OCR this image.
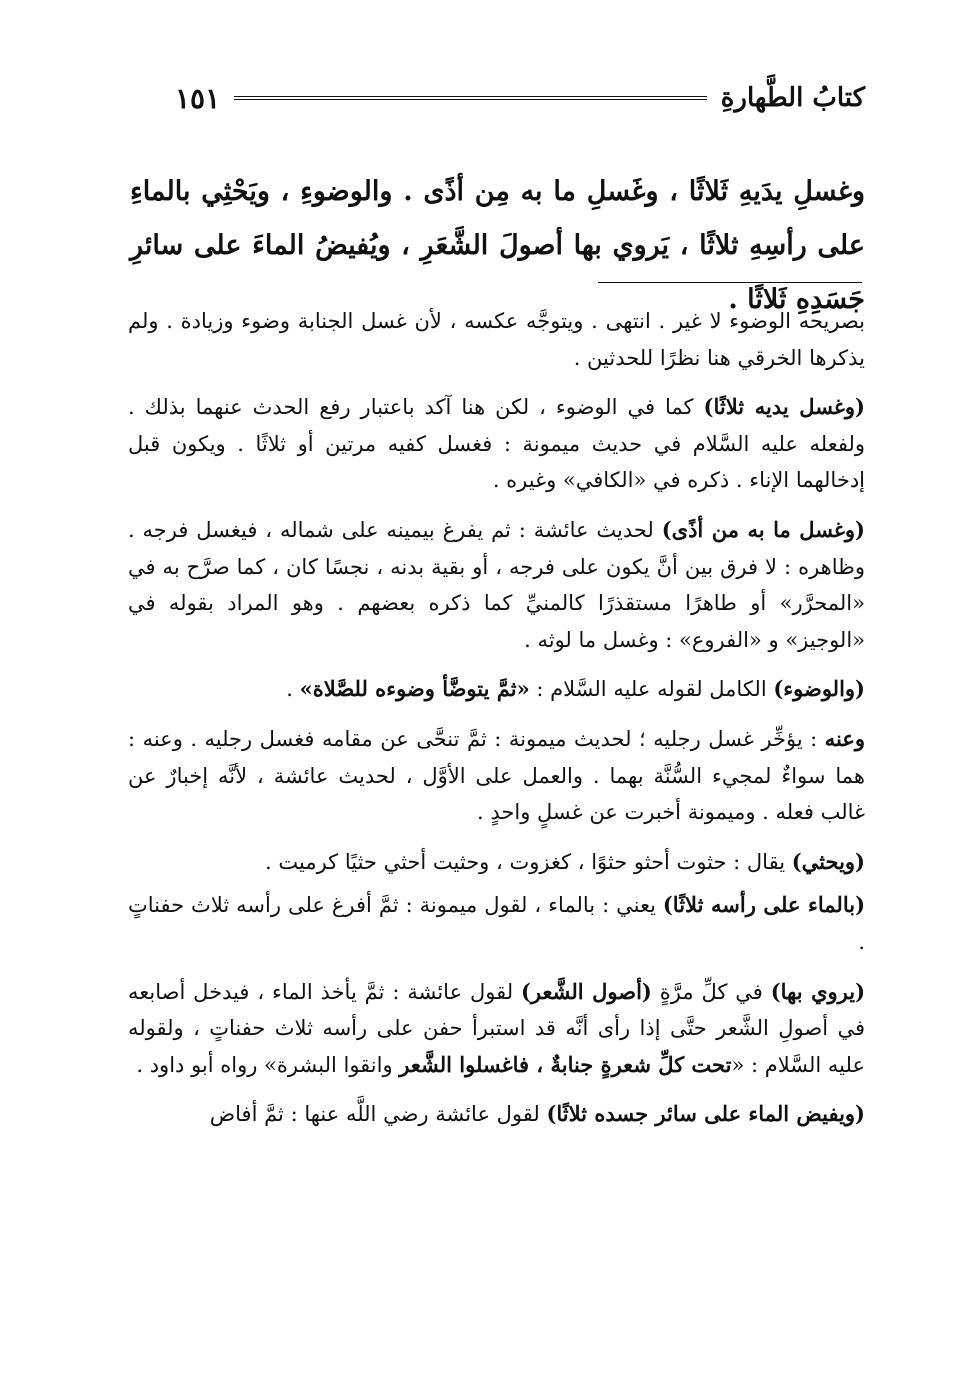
كتابُ الطَّهارةِ
١٥١

وغسلِ يدَيهِ ثَلاثًا ، وغَسلِ ما به مِن أذًى . والوضوءِ ، ويَحْثِي بالماءِ على رأسِهِ ثلاثًا ، يَروي بها أصولَ الشَّعَرِ ، ويُفيضُ الماءَ على سائرِ جَسَدِهِ ثَلاثًا .

بصريحه الوضوء لا غير . انتهى . ويتوجَّه عكسه ، لأن غسل الجنابة وضوء وزيادة . ولم يذكرها الخرقي هنا نظرًا للحدثين .

(وغسل يديه ثلاثًا) كما في الوضوء ، لكن هنا آكد باعتبار رفع الحدث عنهما بذلك . ولفعله عليه السَّلام في حديث ميمونة : فغسل كفيه مرتين أو ثلاثًا . ويكون قبل إدخالهما الإناء . ذكره في «الكافي» وغيره .

(وغسل ما به من أذًى) لحديث عائشة : ثم يفرغ بيمينه على شماله ، فيغسل فرجه . وظاهره : لا فرق بين أنَّ يكون على فرجه ، أو بقية بدنه ، نجسًا كان ، كما صرَّح به في «المحرَّر» أو طاهرًا مستقذرًا كالمنيِّ كما ذكره بعضهم . وهو المراد بقوله في «الوجيز» و «الفروع» : وغسل ما لوثه .

(والوضوء) الكامل لقوله عليه السَّلام : «ثمَّ يتوضَّأ وضوءه للصَّلاة» .

وعنه : يؤخِّر غسل رجليه ؛ لحديث ميمونة : ثمَّ تنحَّى عن مقامه فغسل رجليه . وعنه : هما سواءٌ لمجيء السُّنَّة بهما . والعمل على الأوَّل ، لحديث عائشة ، لأنَّه إخبارٌ عن غالب فعله . وميمونة أخبرت عن غسلٍ واحدٍ .

(ويحثي) يقال : حثوت أحثو حثوًا ، كغزوت ، وحثيت أحثي حثيًا كرميت .

(بالماء على رأسه ثلاثًا) يعني : بالماء ، لقول ميمونة : ثمَّ أفرغ على رأسه ثلاث حفناتٍ .

(يروي بها) في كلِّ مرَّةٍ (أصول الشَّعر) لقول عائشة : ثمَّ يأخذ الماء ، فيدخل أصابعه في أصولِ الشَّعر حتَّى إذا رأى أنَّه قد استبرأ حفن على رأسه ثلاث حفناتٍ ، ولقوله عليه السَّلام : «تحت كلِّ شعرةٍ جنابةٌ ، فاغسلوا الشَّعر وانقوا البشرة» رواه أبو داود .

(ويفيض الماء على سائر جسده ثلاثًا) لقول عائشة رضي اللَّه عنها : ثمَّ أفاض
